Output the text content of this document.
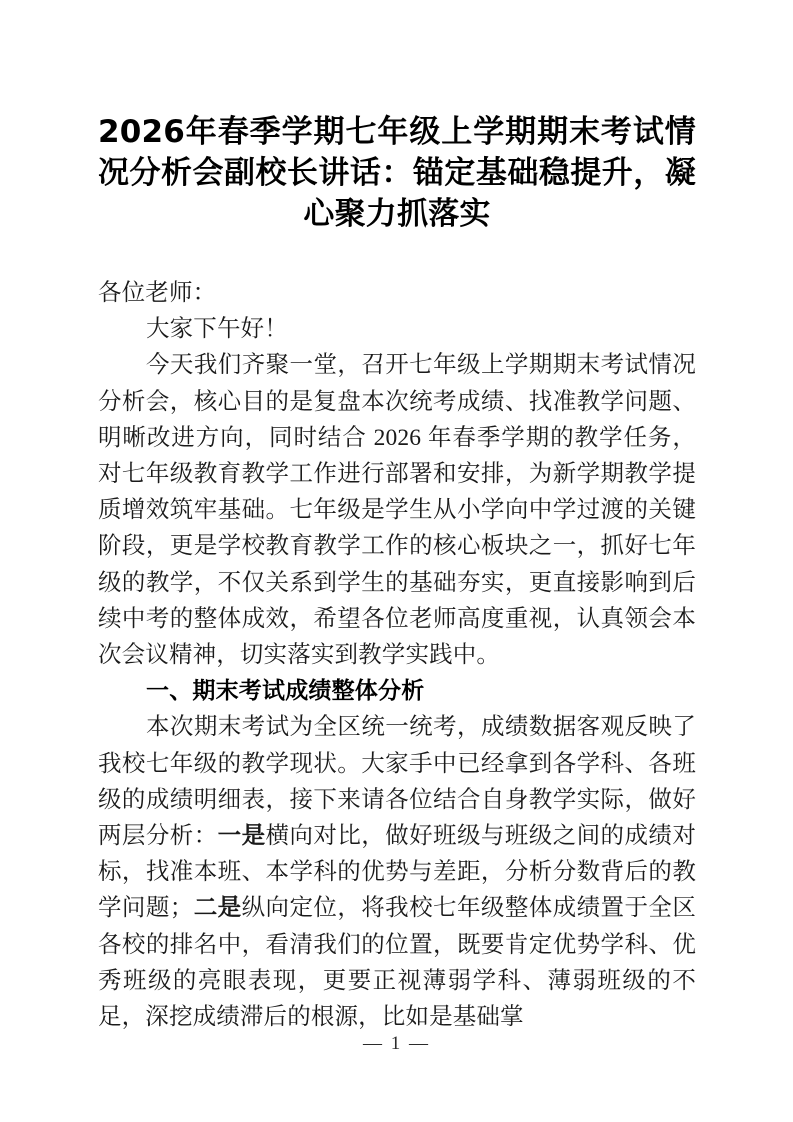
2026年春季学期七年级上学期期末考试情况分析会副校长讲话：锚定基础稳提升，凝心聚力抓落实

各位老师：

大家下午好！

今天我们齐聚一堂，召开七年级上学期期末考试情况分析会，核心目的是复盘本次统考成绩、找准教学问题、明晰改进方向，同时结合 2026 年春季学期的教学任务，对七年级教育教学工作进行部署和安排，为新学期教学提质增效筑牢基础。七年级是学生从小学向中学过渡的关键阶段，更是学校教育教学工作的核心板块之一，抓好七年级的教学，不仅关系到学生的基础夯实，更直接影响到后续中考的整体成效，希望各位老师高度重视，认真领会本次会议精神，切实落实到教学实践中。

一、期末考试成绩整体分析

本次期末考试为全区统一统考，成绩数据客观反映了我校七年级的教学现状。大家手中已经拿到各学科、各班级的成绩明细表，接下来请各位结合自身教学实际，做好两层分析：一是横向对比，做好班级与班级之间的成绩对标，找准本班、本学科的优势与差距，分析分数背后的教学问题；二是纵向定位，将我校七年级整体成绩置于全区各校的排名中，看清我们的位置，既要肯定优势学科、优秀班级的亮眼表现，更要正视薄弱学科、薄弱班级的不足，深挖成绩滞后的根源，比如是基础掌

— 1 —
